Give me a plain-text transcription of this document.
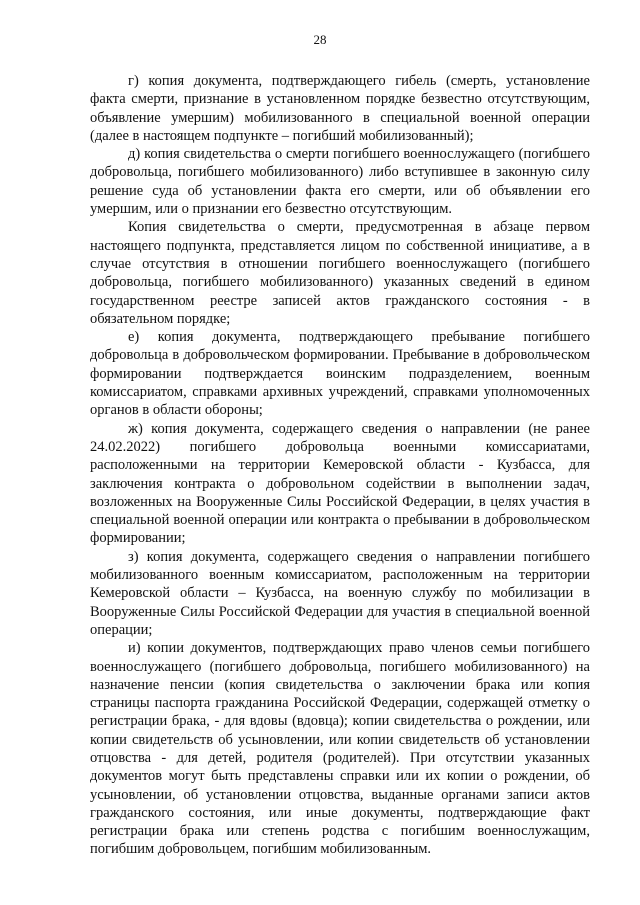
28

г) копия документа, подтверждающего гибель (смерть, установление факта смерти, признание в установленном порядке безвестно отсутствующим, объявление умершим) мобилизованного в специальной военной операции (далее в настоящем подпункте – погибший мобилизованный);

д) копия свидетельства о смерти погибшего военнослужащего (погибшего добровольца, погибшего мобилизованного) либо вступившее в законную силу решение суда об установлении факта его смерти, или об объявлении его умершим, или о признании его безвестно отсутствующим.

Копия свидетельства о смерти, предусмотренная в абзаце первом настоящего подпункта, представляется лицом по собственной инициативе, а в случае отсутствия в отношении погибшего военнослужащего (погибшего добровольца, погибшего мобилизованного) указанных сведений в едином государственном реестре записей актов гражданского состояния - в обязательном порядке;

е) копия документа, подтверждающего пребывание погибшего добровольца в добровольческом формировании. Пребывание в добровольческом формировании подтверждается воинским подразделением, военным комиссариатом, справками архивных учреждений, справками уполномоченных органов в области обороны;

ж) копия документа, содержащего сведения о направлении (не ранее 24.02.2022) погибшего добровольца военными комиссариатами, расположенными на территории Кемеровской области - Кузбасса, для заключения контракта о добровольном содействии в выполнении задач, возложенных на Вооруженные Силы Российской Федерации, в целях участия в специальной военной операции или контракта о пребывании в добровольческом формировании;

з) копия документа, содержащего сведения о направлении погибшего мобилизованного военным комиссариатом, расположенным на территории Кемеровской области – Кузбасса, на военную службу по мобилизации в Вооруженные Силы Российской Федерации для участия в специальной военной операции;

и) копии документов, подтверждающих право членов семьи погибшего военнослужащего (погибшего добровольца, погибшего мобилизованного) на назначение пенсии (копия свидетельства о заключении брака или копия страницы паспорта гражданина Российской Федерации, содержащей отметку о регистрации брака, - для вдовы (вдовца); копии свидетельства о рождении, или копии свидетельств об усыновлении, или копии свидетельств об установлении отцовства - для детей, родителя (родителей). При отсутствии указанных документов могут быть представлены справки или их копии о рождении, об усыновлении, об установлении отцовства, выданные органами записи актов гражданского состояния, или иные документы, подтверждающие факт регистрации брака или степень родства с погибшим военнослужащим, погибшим добровольцем, погибшим мобилизованным.
